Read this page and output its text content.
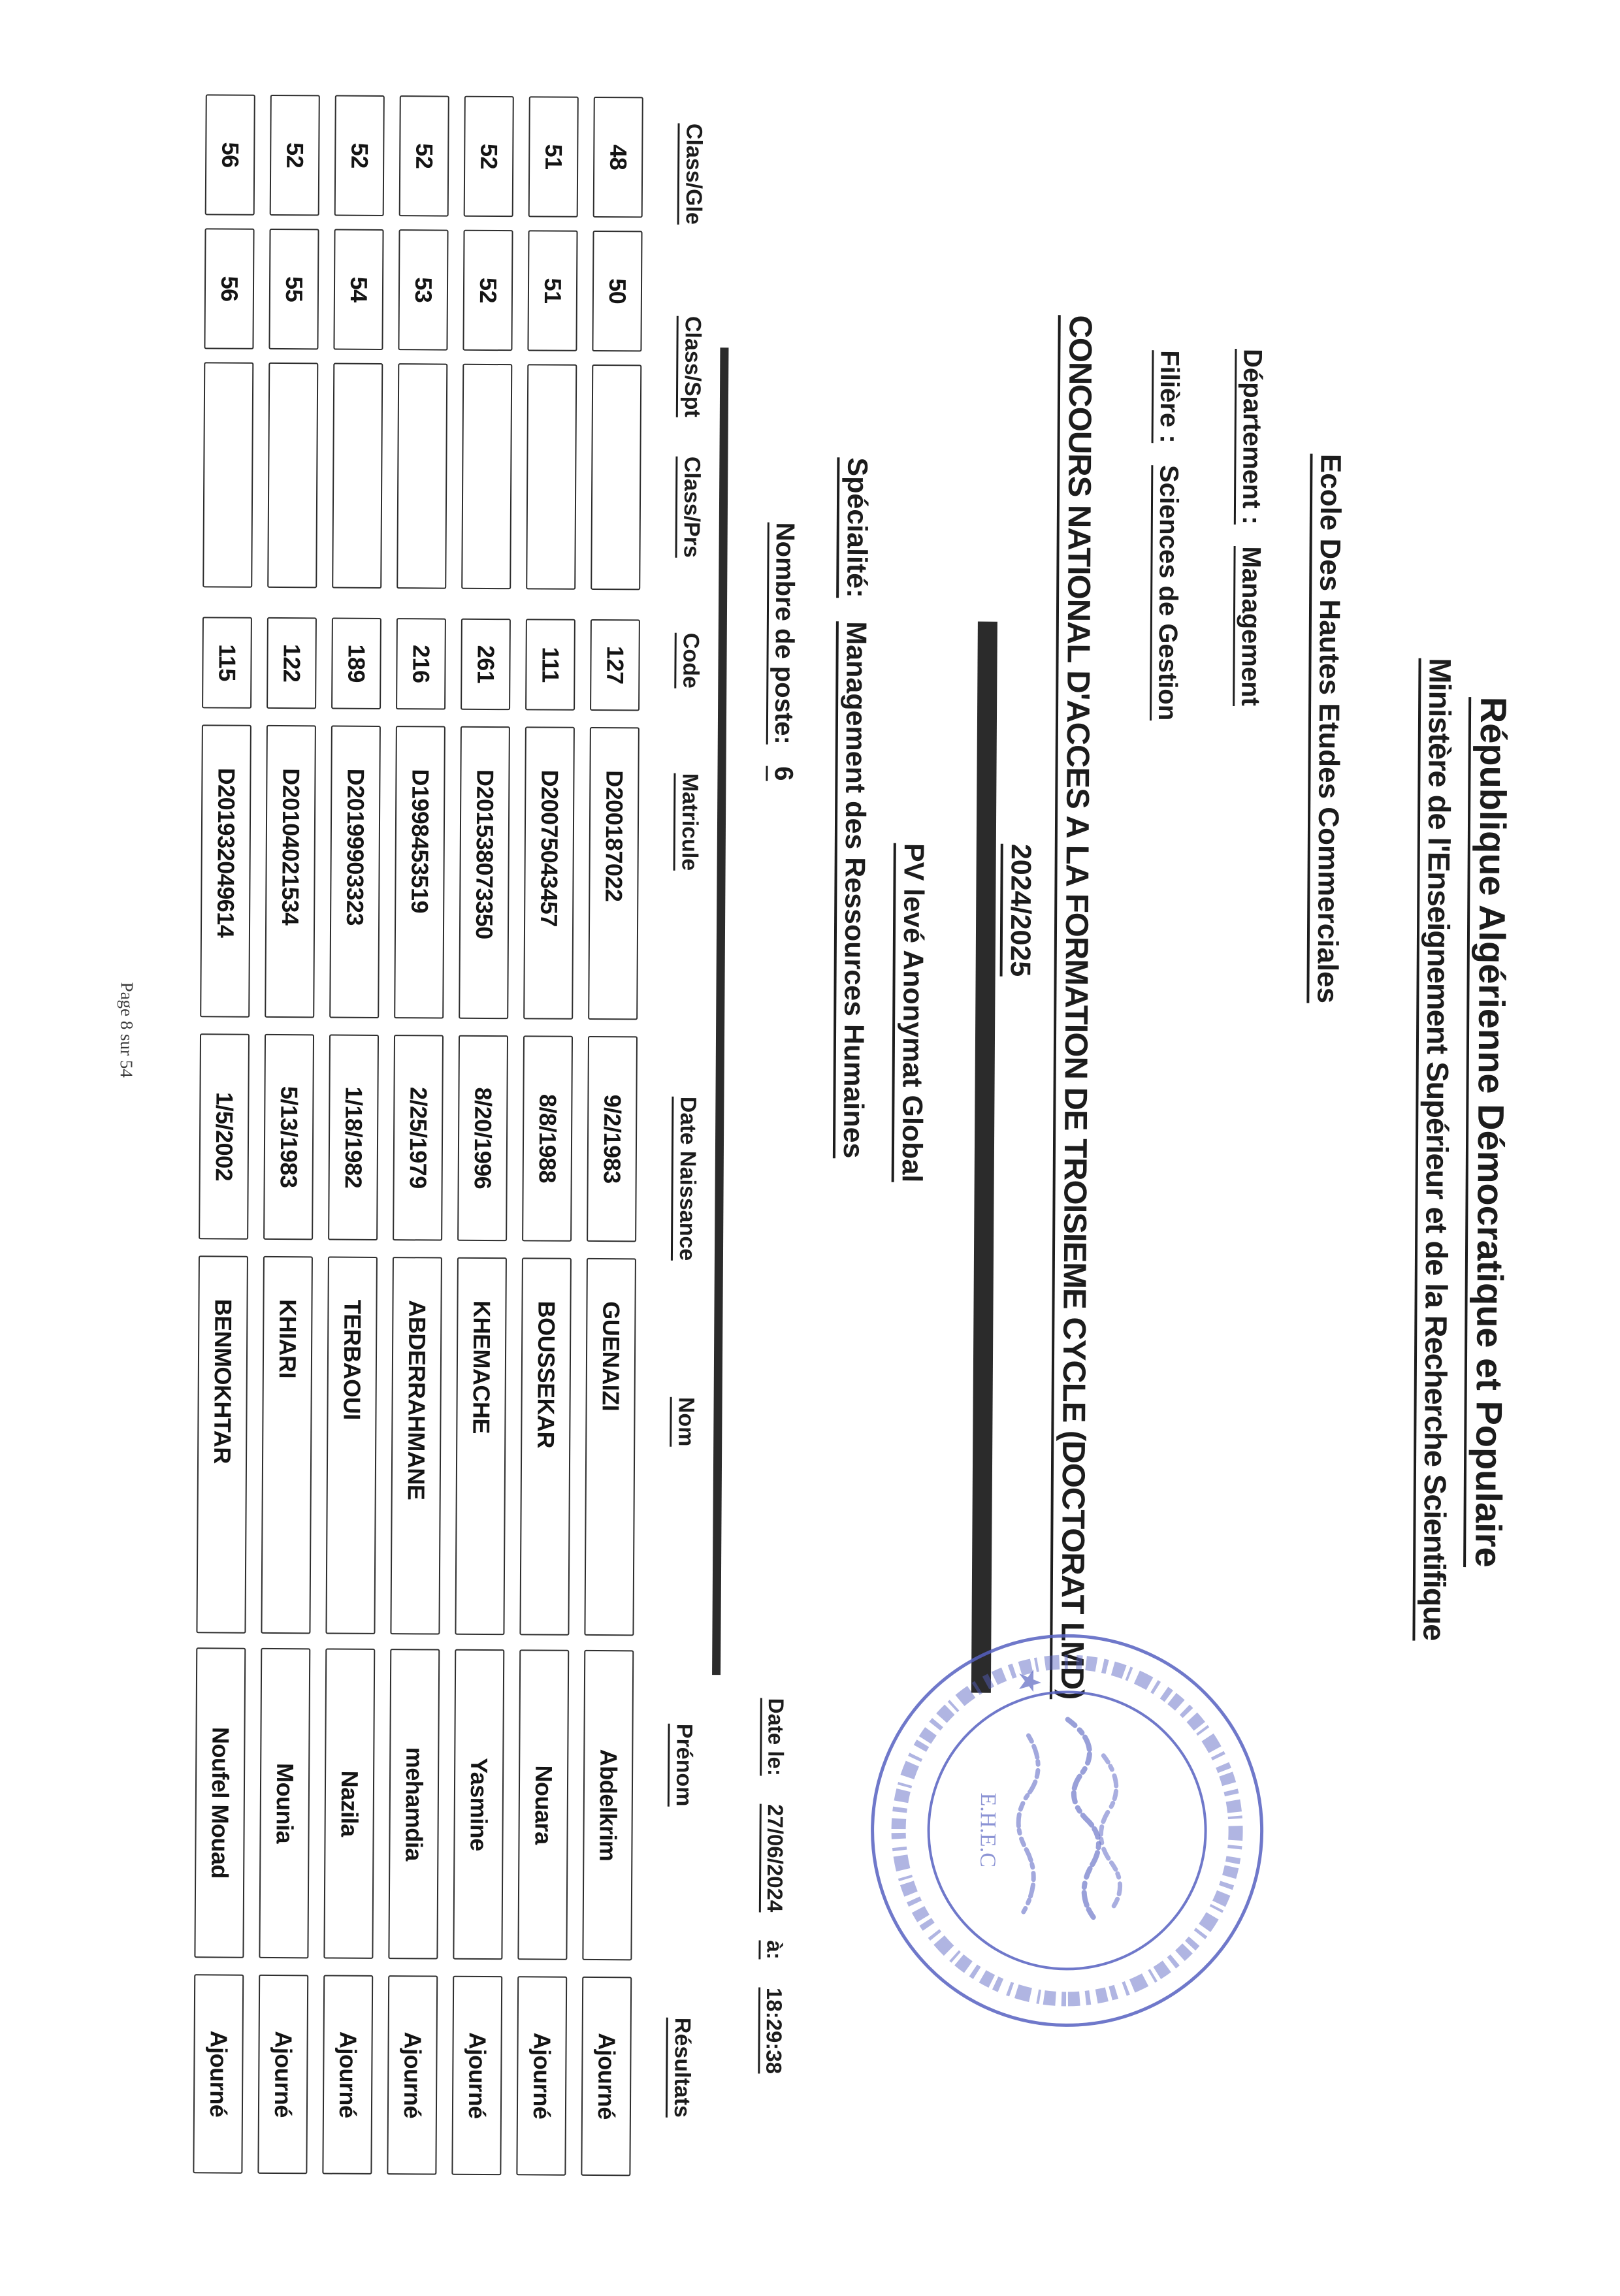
République Algérienne Démocratique et Populaire
Ministère de l'Enseignement Supérieur et de la Recherche Scientifique
Ecole Des Hautes Etudes Commerciales
Département :   Management
Filière :   Sciences de Gestion
CONCOURS NATIONAL D'ACCES A LA FORMATION DE TROISIEME CYCLE (DOCTORAT LMD)
2024/2025
PV levé Anonymat Global
Spécialité:   Management des Ressources Humaines
Nombre de poste:   6
Date le: 27/06/2024 à: 18:29:38
Class/Gle
Class/Spt
Class/Prs
Code
Matricule
Date Naissance
Nom
Prénom
Résultats
48
50
127
D200187022
9/2/1983
GUENAIZI
Abdelkrim
Ajourné
51
51
111
D20075043457
8/8/1988
BOUSSEKAR
Nouara
Ajourné
52
52
261
D201538073350
8/20/1996
KHEMACHE
Yasmine
Ajourné
52
53
216
D1998453519
2/25/1979
ABDERRAHMANE
mehamdia
Ajourné
52
54
189
D20199903323
1/18/1982
TERBAOUI
Nazila
Ajourné
52
55
122
D20104021534
5/13/1983
KHIARI
Mounia
Ajourné
56
56
115
D201932049614
1/5/2002
BENMOKHTAR
Noufel Mouad
Ajourné
E.H.E.C
Page 8 sur 54
